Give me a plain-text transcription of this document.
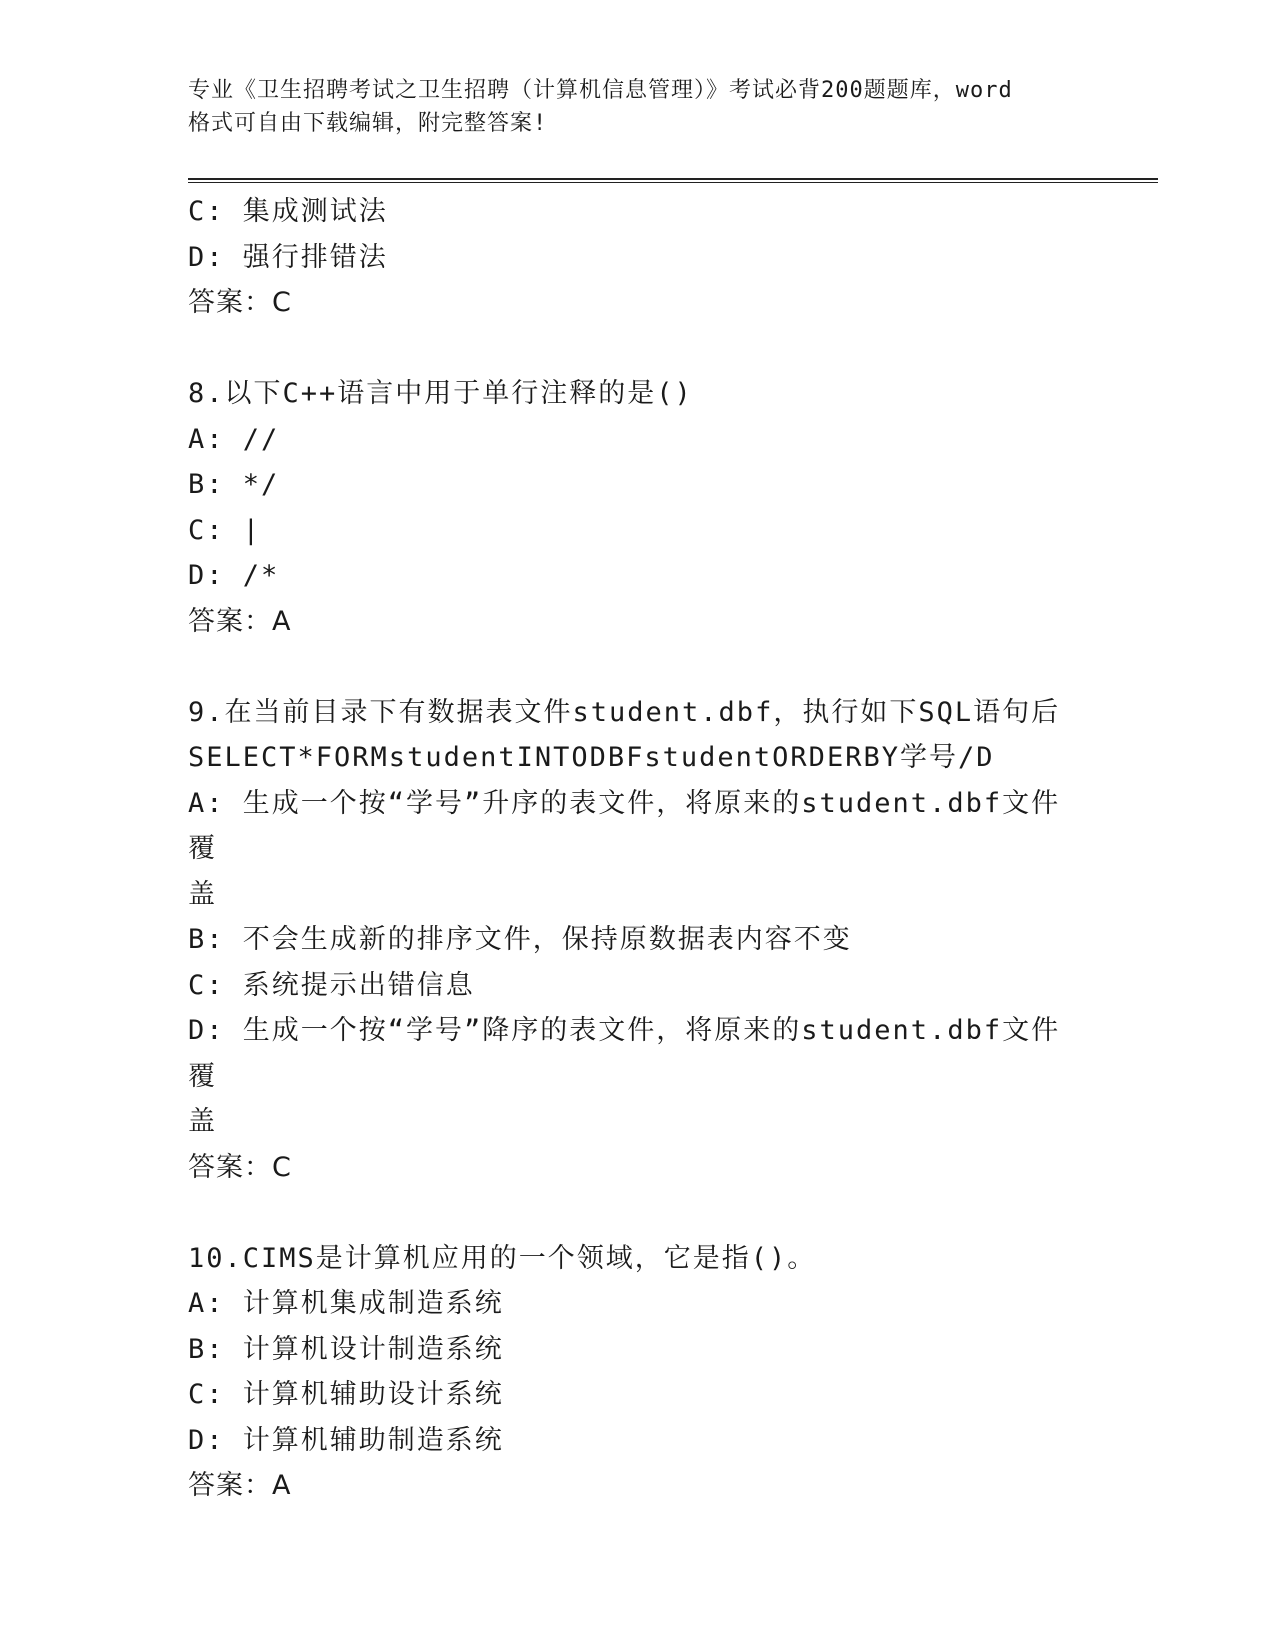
专业《卫生招聘考试之卫生招聘（计算机信息管理）》考试必背200题题库，word
格式可自由下载编辑，附完整答案!
C: 集成测试法
D: 强行排错法
答案：C
8.以下C++语言中用于单行注释的是()
A: //
B: */
C: |
D: /*
答案：A
9.在当前目录下有数据表文件student.dbf，执行如下SQL语句后
SELECT*FORMstudentINTODBFstudentORDERBY学号/D
A: 生成一个按“学号”升序的表文件，将原来的student.dbf文件覆
盖
B: 不会生成新的排序文件，保持原数据表内容不变
C: 系统提示出错信息
D: 生成一个按“学号”降序的表文件，将原来的student.dbf文件覆
盖
答案：C
10.CIMS是计算机应用的一个领域，它是指()。
A: 计算机集成制造系统
B: 计算机设计制造系统
C: 计算机辅助设计系统
D: 计算机辅助制造系统
答案：A
